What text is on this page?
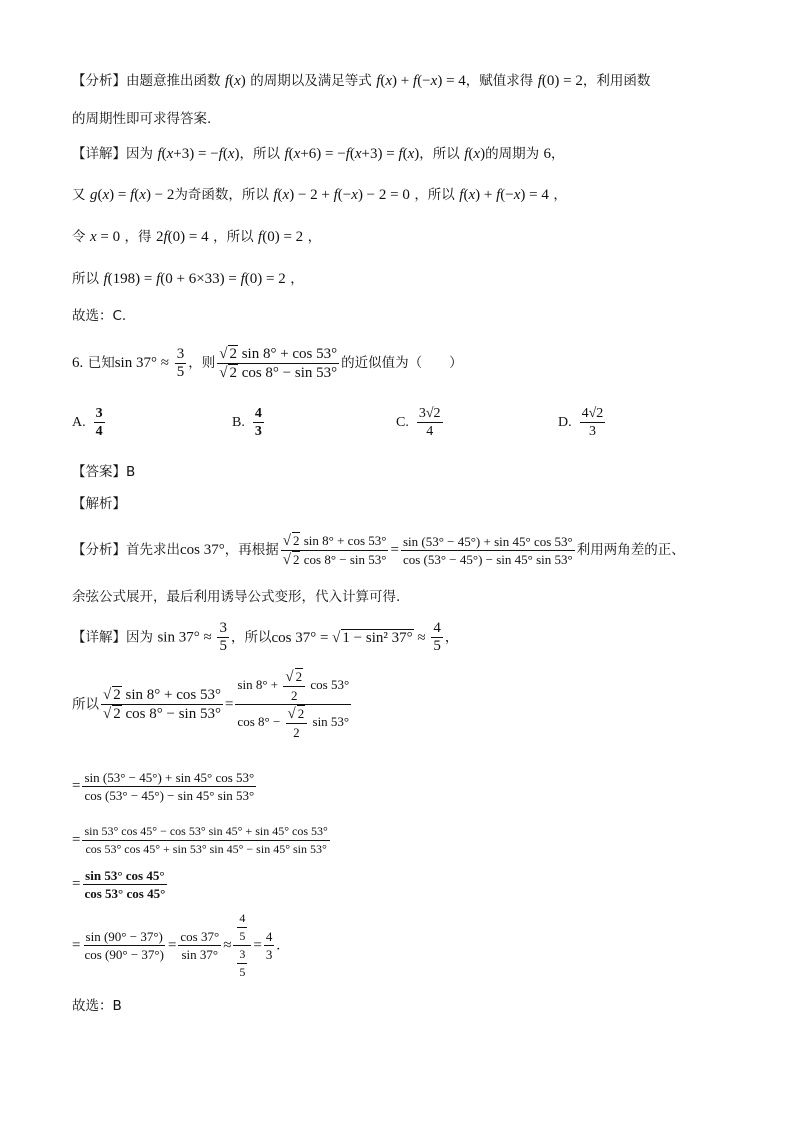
【分析】由题意推出函数 f(x) 的周期以及满足等式 f(x) + f(−x) = 4，赋值求得 f(0) = 2，利用函数
的周期性即可求得答案.
【详解】因为 f(x+3) = −f(x)，所以 f(x+6) = −f(x+3) = f(x)，所以 f(x)的周期为 6，
又 g(x) = f(x) − 2为奇函数，所以 f(x) − 2 + f(−x) − 2 = 0 ，所以 f(x) + f(−x) = 4 ，
令 x = 0 ，得 2f(0) = 4 ，所以 f(0) = 2 ，
所以 f(198) = f(0 + 6×33) = f(0) = 2 ，
故选：C.
6. 已知$\sin 37^\circ \approx \frac{3}{5}$ ，则 $\frac{√ 2 \sin 8^\circ + \cos 53^\circ}{√ 2 \cos 8^\circ - \sin 53^\circ}$ 的近似值为（　　）
A. $\frac{3}{4}$	B. $\frac{4}{3}$	C. $\frac{3√2}{4}$	D. $\frac{4√2}{3}$
【答案】B
【解析】
【分析】首先求出cos 37°，再根据 $\frac{√ 2 \sin 8^\circ + \cos 53^\circ}{√ 2 \cos 8^\circ - \sin 53^\circ} = \frac{\sin (53^\circ - 45^\circ) + \sin 45^\circ \cos 53^\circ}{\cos (53^\circ - 45^\circ) - \sin 45^\circ \sin 53^\circ}$ 利用两角差的正、
余弦公式展开，最后利用诱导公式变形，代入计算可得.
【详解】因为 $\sin 37^\circ \approx \frac{3}{5}$ ，所以cos 37° = √ 1 − sin² $37^\circ \approx \frac{4}{5}$ ，
所以 $\frac{√ 2 \sin 8^\circ + \cos 53^\circ}{√ 2 \cos 8^\circ - \sin 53^\circ} = \frac{\sin 8^\circ + \frac{√ 2}{2} \cos 53^\circ}{\cos 8^\circ - \frac{√ 2}{2} \sin 53^\circ}$
= $\frac{\sin (53^\circ - 45^\circ) + \sin 45^\circ \cos 53^\circ}{\cos (53^\circ - 45^\circ) - \sin 45^\circ \sin 53^\circ}$
= $\frac{\sin 53^\circ \cos 45^\circ - \cos 53^\circ \sin 45^\circ + \sin 45^\circ \cos 53^\circ}{\cos 53^\circ \cos 45^\circ + \sin 53^\circ \sin 45^\circ - \sin 45^\circ \sin 53^\circ}$
= $\frac{\sin 53^\circ \cos 45^\circ}{\cos 53^\circ \cos 45^\circ}$
= $\frac{\sin (90^\circ - 37^\circ)}{\cos (90^\circ - 37^\circ)} = \frac{\cos 37^\circ}{\sin 37^\circ} \approx \frac{\frac{4}{5}}{\frac{3}{5}} = \frac{4}{3}$ .
故选：B
